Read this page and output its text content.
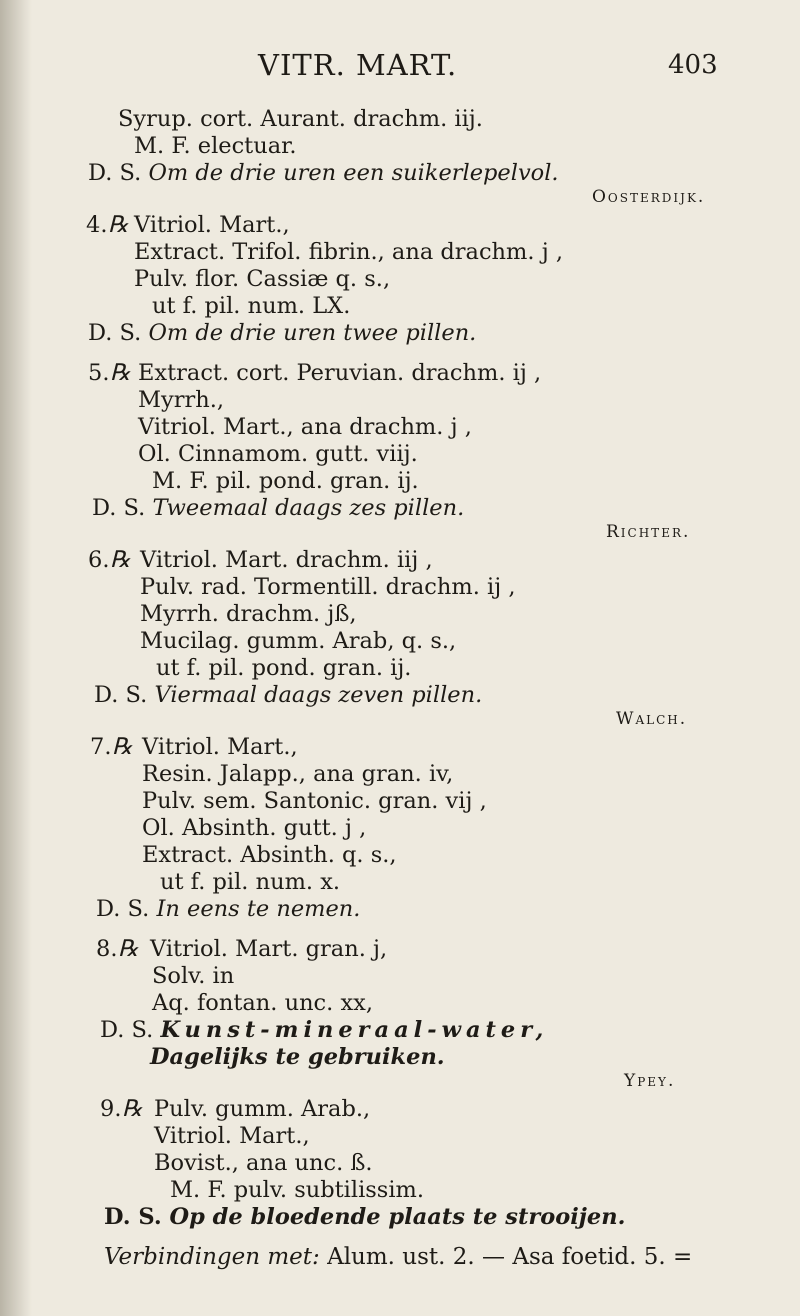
VITR. MART.	403
Syrup. cort. Aurant. drachm. iij.
M. F. electuar.
D. S. Om de drie uren een suikerlepelvol.
Oosterdijk.
4. ℞ Vitriol. Mart.,
Extract. Trifol. fibrin., ana drachm. j ,
Pulv. flor. Cassiæ q. s.,
ut f. pil. num. LX.
D. S. Om de drie uren twee pillen.
5. ℞ Extract. cort. Peruvian. drachm. ij ,
Myrrh.,
Vitriol. Mart., ana drachm. j ,
Ol. Cinnamom. gutt. viij.
M. F. pil. pond. gran. ij.
D. S. Tweemaal daags zes pillen.
Richter.
6. ℞ Vitriol. Mart. drachm. iij ,
Pulv. rad. Tormentill. drachm. ij ,
Myrrh. drachm. jß,
Mucilag. gumm. Arab, q. s.,
ut f. pil. pond. gran. ij.
D. S. Viermaal daags zeven pillen.
Walch.
7. ℞ Vitriol. Mart.,
Resin. Jalapp., ana gran. iv,
Pulv. sem. Santonic. gran. vij ,
Ol. Absinth. gutt. j ,
Extract. Absinth. q. s.,
ut f. pil. num. x.
D. S. In eens te nemen.
8. ℞ Vitriol. Mart. gran. j,
Solv. in
Aq. fontan. unc. xx,
D. S. Kunst-mineraal-water,
Dagelijks te gebruiken.
Ypey.
9. ℞ Pulv. gumm. Arab.,
Vitriol. Mart.,
Bovist., ana unc. ß.
M. F. pulv. subtilissim.
D. S. Op de bloedende plaats te strooijen.
Verbindingen met: Alum. ust. 2. — Asa foetid. 5. =
